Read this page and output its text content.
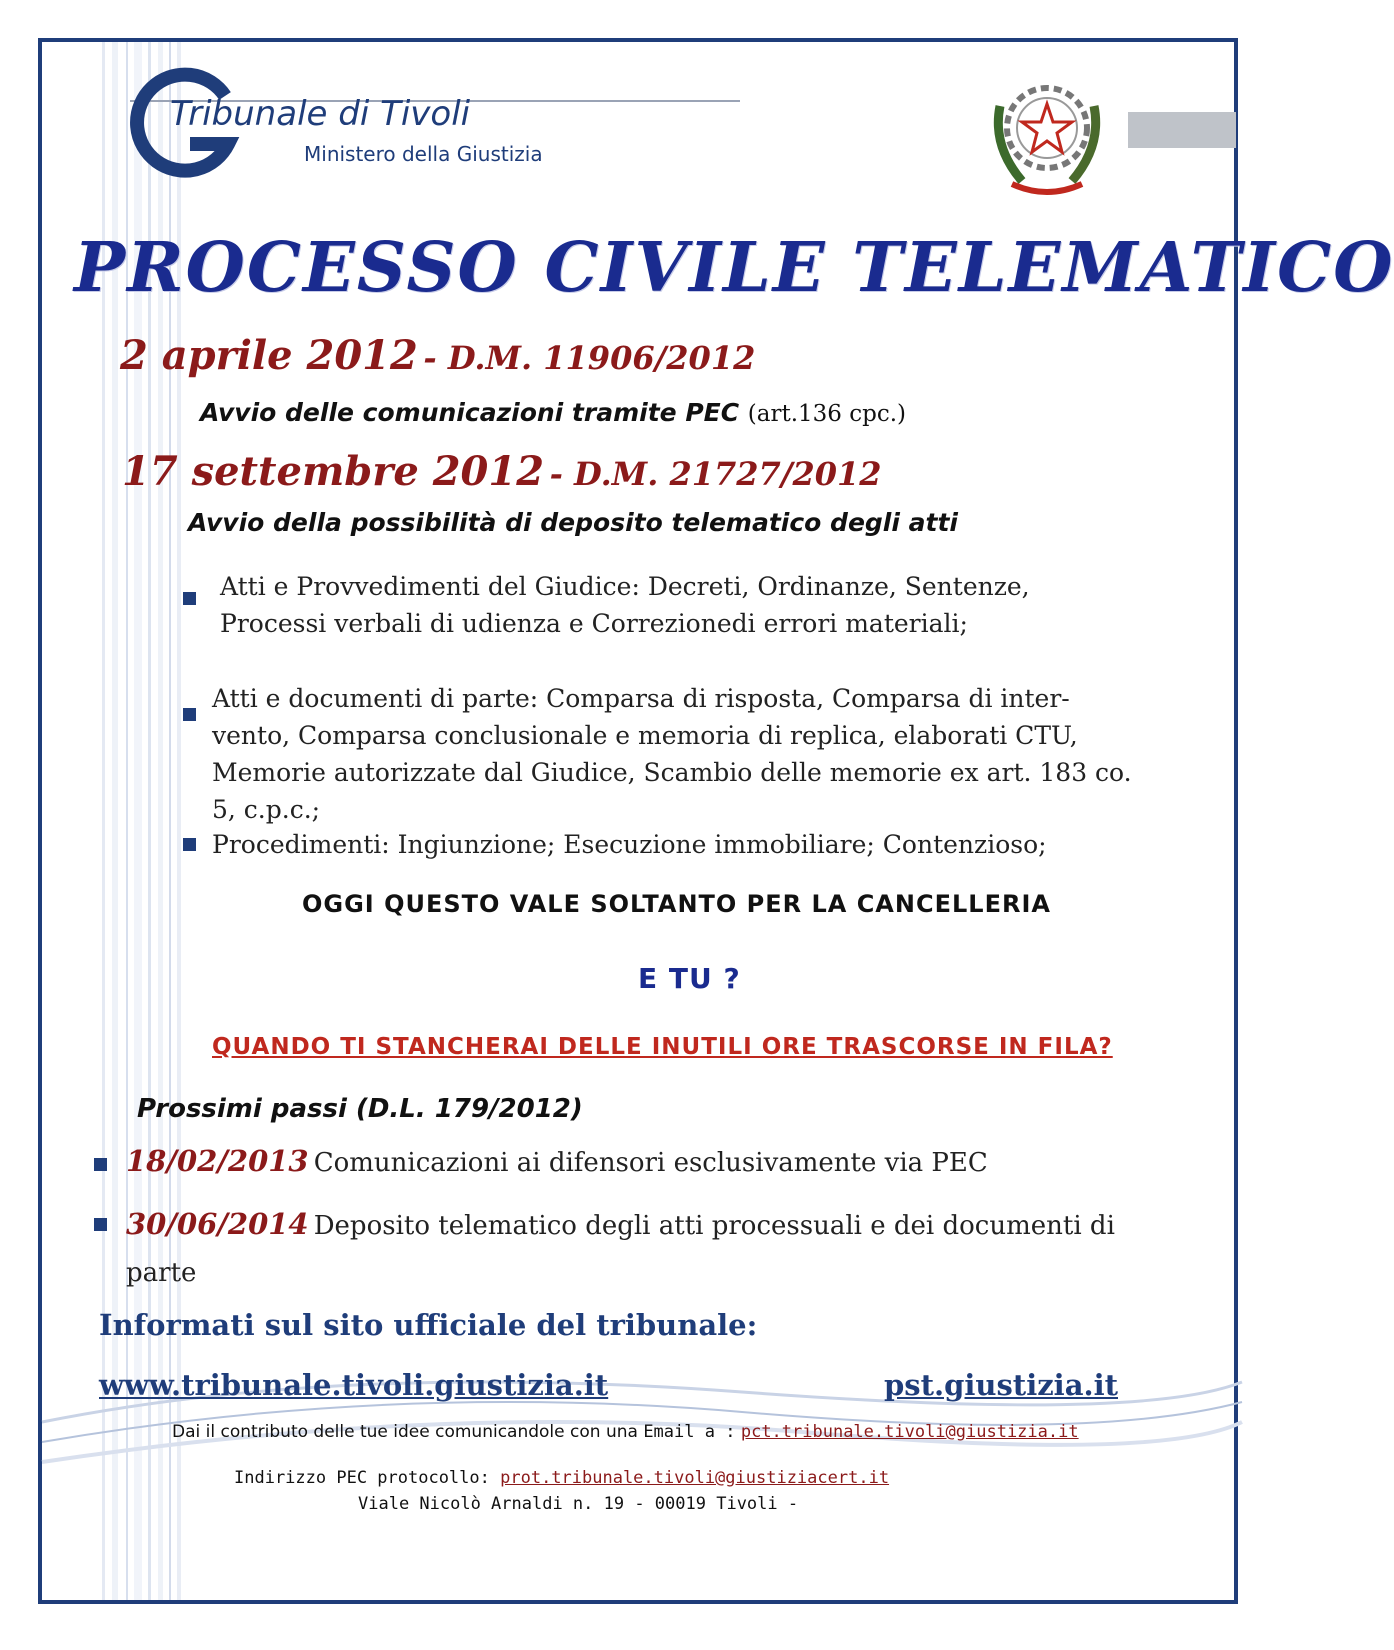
Tribunale di Tivoli
Ministero della Giustizia
PROCESSO CIVILE TELEMATICO
2 aprile 2012 - D.M. 11906/2012
Avvio delle comunicazioni tramite PEC (art.136 cpc.)
17 settembre 2012 - D.M. 21727/2012
Avvio della possibilità di deposito telematico degli atti
Atti e Provvedimenti del Giudice: Decreti, Ordinanze, Sentenze, Processi verbali di udienza e Correzionedi errori materiali;
Atti e documenti di parte: Comparsa di risposta, Comparsa di inter- vento, Comparsa conclusionale e memoria di replica, elaborati CTU, Memorie autorizzate dal Giudice, Scambio delle memorie ex art. 183 co. 5, c.p.c.;
Procedimenti: Ingiunzione; Esecuzione immobiliare; Contenzioso;
OGGI QUESTO VALE SOLTANTO PER LA CANCELLERIA
E TU ?
QUANDO TI STANCHERAI DELLE INUTILI ORE TRASCORSE IN FILA?
Prossimi passi (D.L. 179/2012)
18/02/2013 Comunicazioni ai difensori esclusivamente via PEC
30/06/2014 Deposito telematico degli atti processuali e dei documenti di parte
Informati sul sito ufficiale del tribunale:
www.tribunale.tivoli.giustizia.it	pst.giustizia.it
Dai il contributo delle tue idee comunicandole con una Email a : pct.tribunale.tivoli@giustizia.it
Indirizzo PEC protocollo: prot.tribunale.tivoli@giustiziacert.it
Viale Nicolò Arnaldi n. 19 - 00019 Tivoli -
